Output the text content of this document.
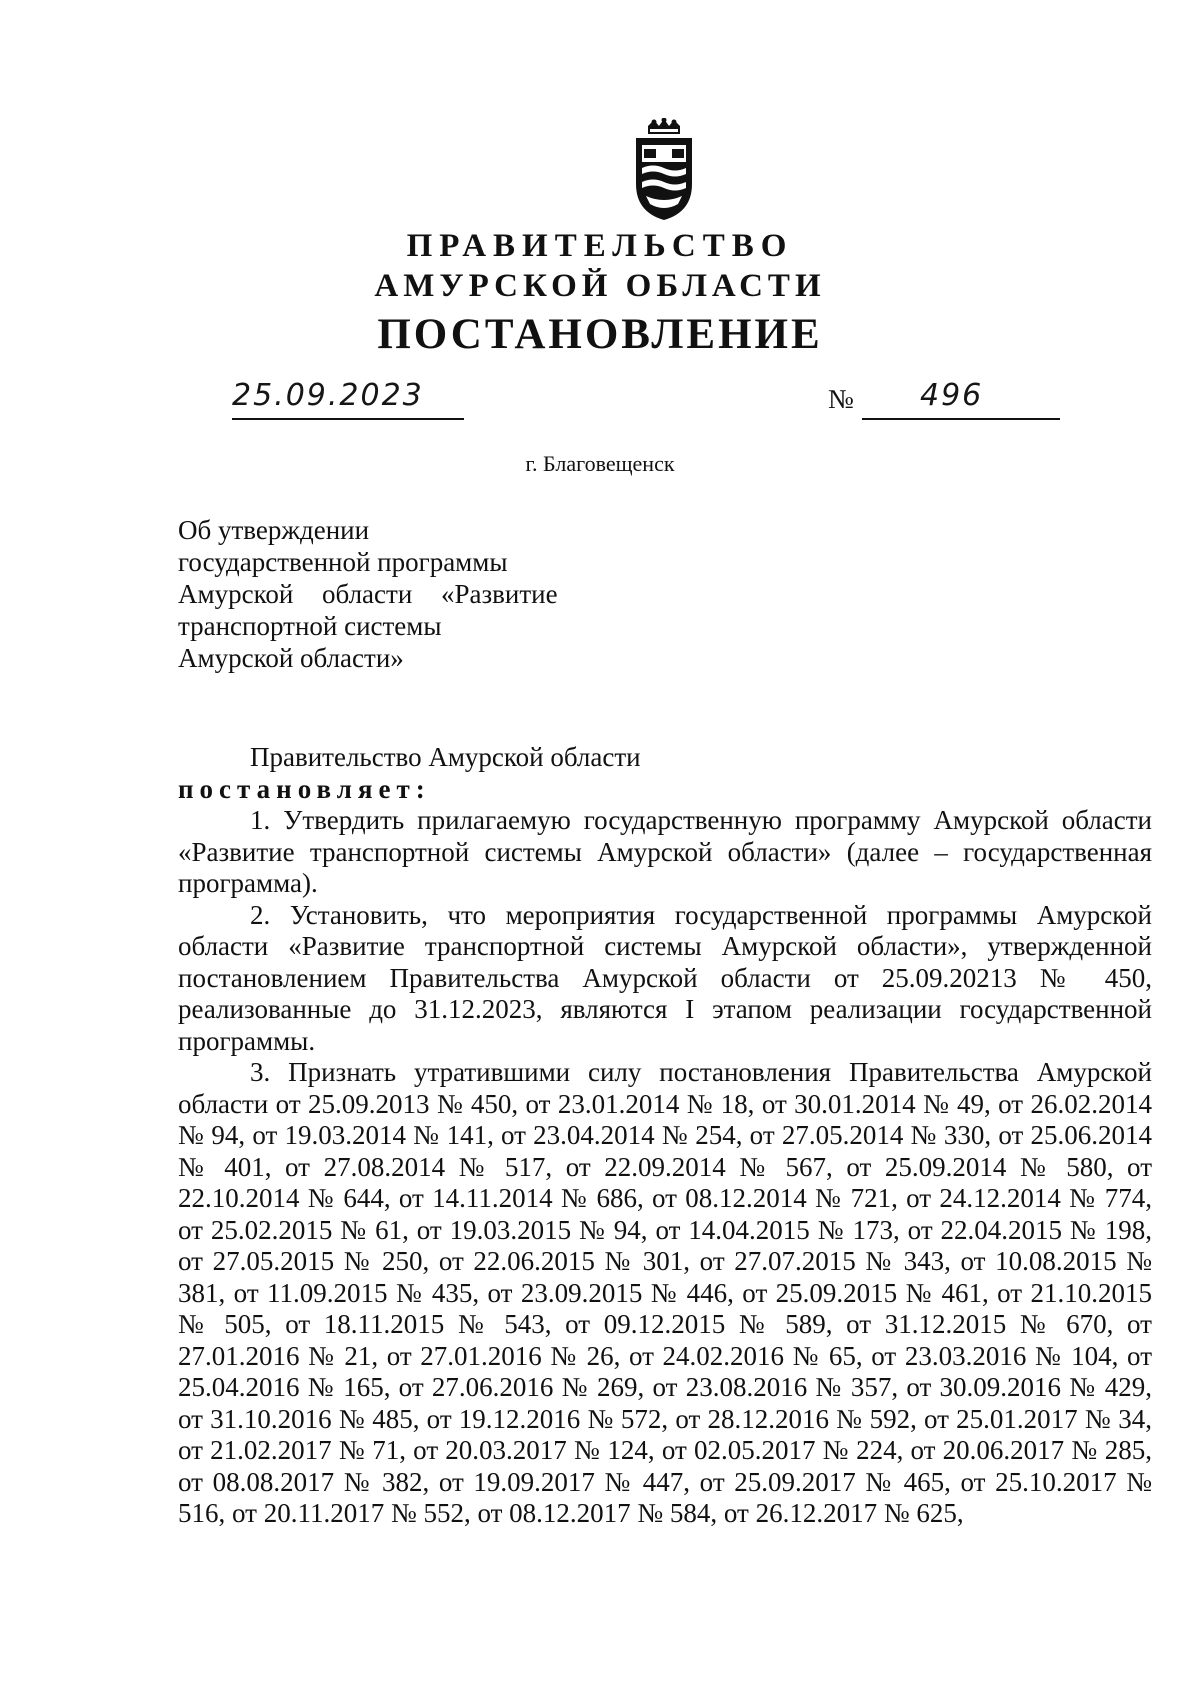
ПРАВИТЕЛЬСТВО
АМУРСКОЙ ОБЛАСТИ
ПОСТАНОВЛЕНИЕ
25.09.2023	№	496
г. Благовещенск
Об утверждении
государственной программы
Амурской области «Развитие
транспортной системы
Амурской области»

Правительство Амурской области

постановляет:

1. Утвердить прилагаемую государственную программу Амурской области «Развитие транспортной системы Амурской области» (далее – государственная программа).

2. Установить, что мероприятия государственной программы Амурской области «Развитие транспортной системы Амурской области», утвержденной постановлением Правительства Амурской области от 25.09.20213 № 450, реализованные до 31.12.2023, являются I этапом реализации государственной программы.

3. Признать утратившими силу постановления Правительства Амурской области от 25.09.2013 № 450, от 23.01.2014 № 18, от 30.01.2014 № 49, от 26.02.2014 № 94, от 19.03.2014 № 141, от 23.04.2014 № 254, от 27.05.2014 № 330, от 25.06.2014 № 401, от 27.08.2014 № 517, от 22.09.2014 № 567, от 25.09.2014 № 580, от 22.10.2014 № 644, от 14.11.2014 № 686, от 08.12.2014 № 721, от 24.12.2014 № 774, от 25.02.2015 № 61, от 19.03.2015 № 94, от 14.04.2015 № 173, от 22.04.2015 № 198, от 27.05.2015 № 250, от 22.06.2015 № 301, от 27.07.2015 № 343, от 10.08.2015 № 381, от 11.09.2015 № 435, от 23.09.2015 № 446, от 25.09.2015 № 461, от 21.10.2015 № 505, от 18.11.2015 № 543, от 09.12.2015 № 589, от 31.12.2015 № 670, от 27.01.2016 № 21, от 27.01.2016 № 26, от 24.02.2016 № 65, от 23.03.2016 № 104, от 25.04.2016 № 165, от 27.06.2016 № 269, от 23.08.2016 № 357, от 30.09.2016 № 429, от 31.10.2016 № 485, от 19.12.2016 № 572, от 28.12.2016 № 592, от 25.01.2017 № 34, от 21.02.2017 № 71, от 20.03.2017 № 124, от 02.05.2017 № 224, от 20.06.2017 № 285, от 08.08.2017 № 382, от 19.09.2017 № 447, от 25.09.2017 № 465, от 25.10.2017 № 516, от 20.11.2017 № 552, от 08.12.2017 № 584, от 26.12.2017 № 625,
